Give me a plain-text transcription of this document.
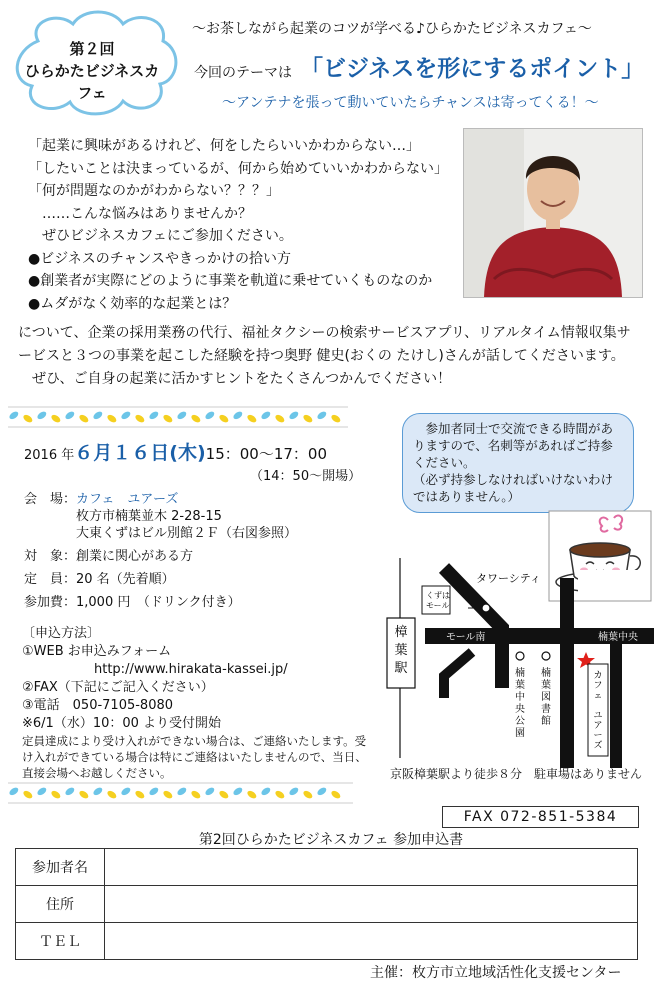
第２回
ひらかたビジネスカフェ
～お茶しながら起業のコツが学べる♪ひらかたビジネスカフェ～
今回のテーマは 「ビジネスを形にするポイント」
～アンテナを張って動いていたらチャンスは寄ってくる！～
「起業に興味があるけれど、何をしたらいいかわからない…」
「したいことは決まっているが、何から始めていいかわからない」
「何が問題なのかがわからない？？？」
　……こんな悩みはありませんか？
　ぜひビジネスカフェにご参加ください。
●ビジネスのチャンスやきっかけの拾い方
●創業者が実際にどのように事業を軌道に乗せていくものなのか
●ムダがなく効率的な起業とは？
について、企業の採用業務の代行、福祉タクシーの検索サービスアプリ、リアルタイム情報収集サ
ービスと３つの事業を起こした経験を持つ奥野 健史(おくの たけし)さんが話してくださいます。
　ぜひ、ご自身の起業に活かすヒントをたくさんつかんでください！
2016 年６月１６日(木)15：00～17：00
（14：50～開場）
会　場：カフェ　ユアーズ
枚方市楠葉並木 2-28-15
大東くずはビル別館２Ｆ（右図参照）
対　象：創業に関心がある方
定　員：20 名（先着順）
参加費：1,000 円　（ドリンク付き）
　参加者同士で交流できる時間があ
りますので、名刺等があればご持参
ください。
（必ず持参しなければいけないわけ
ではありません。）
タワーシティ
くずはモール
モール南	楠葉中央
樟
葉
駅	楠
葉
中
央
公
園
楠
葉
図
書
館
カ
フ
ェ
ユ
ア
ー
ズ
京阪樟葉駅より徒歩８分　駐車場はありません
〔申込方法〕
①WEB お申込みフォーム
http://www.hirakata-kassei.jp/
②FAX（下記にご記入ください）
③電話　050-7105-8080
※6/1（水）10：00 より受付開始
定員達成により受け入れができない場合は、ご連絡いたします。受
け入れができている場合は特にご連絡はいたしませんので、当日、
直接会場へお越しください。
FAX 072-851-5384
第2回ひらかたビジネスカフェ 参加申込書
参加者名	
住所	
ＴＥＬ	
主催：枚方市立地域活性化支援センター
